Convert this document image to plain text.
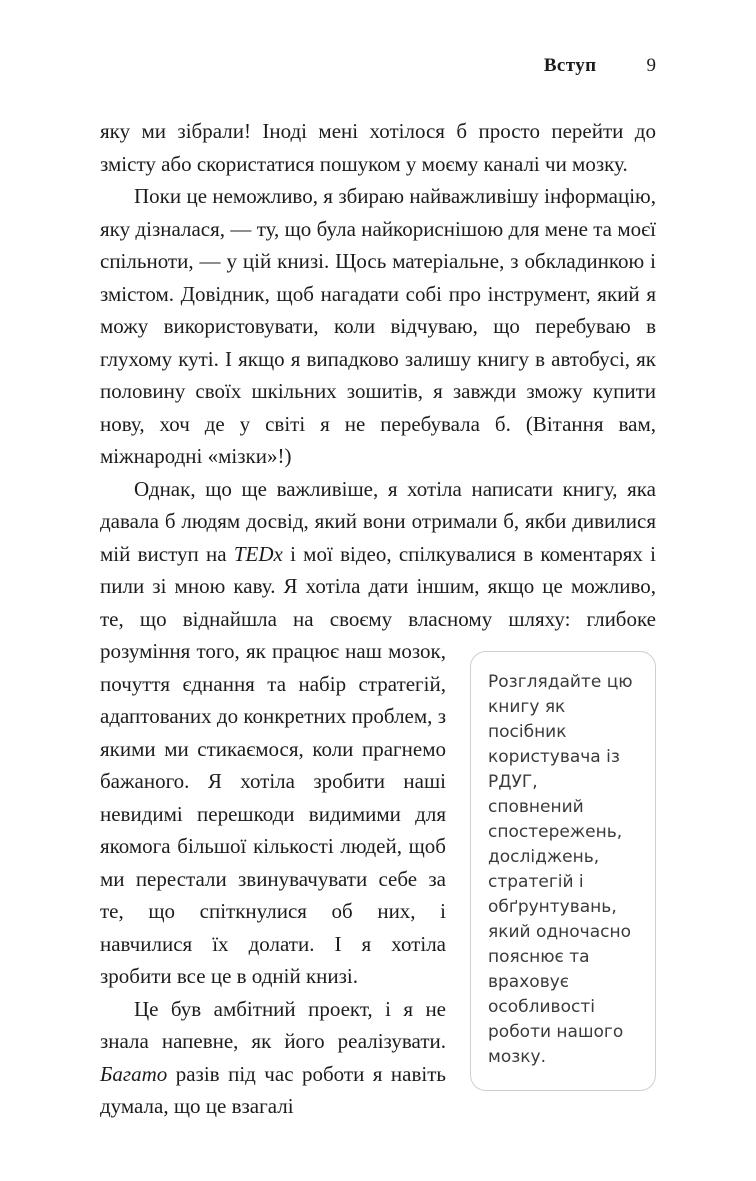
Вступ	9

яку ми зібрали! Іноді мені хотілося б просто перейти до змісту або скористатися пошуком у моєму каналі чи мозку.

Поки це неможливо, я збираю найважливішу інформацію, яку дізналася, — ту, що була найкориснішою для мене та моєї спільноти, — у цій книзі. Щось матеріальне, з обкладинкою і змістом. Довідник, щоб нагадати собі про інструмент, який я можу використовувати, коли відчуваю, що перебуваю в глухому куті. І якщо я випадково залишу книгу в автобусі, як половину своїх шкільних зошитів, я завжди зможу купити нову, хоч де у світі я не перебувала б. (Вітання вам, міжнародні «мізки»!)

Однак, що ще важливіше, я хотіла написати книгу, яка давала б людям досвід, який вони отримали б, якби дивилися мій виступ на TEDx і мої відео, спілкувалися в коментарях і пили зі мною каву. Я хотіла дати іншим, якщо це можливо, те, що віднайшла на своєму власному шляху: глибоке розуміння того, як працює наш мозок,
Розглядайте цю книгу як посібник користувача із РДУГ, сповнений спостережень, досліджень, стратегій і обґрунтувань, який одночасно пояснює та враховує особливості роботи нашого мозку.
почуття єднання та набір стратегій, адаптованих до конкретних проблем, з якими ми стикаємося, коли прагнемо бажаного. Я хотіла зробити наші невидимі перешкоди видимими для якомога більшої кількості людей, щоб ми перестали звинувачувати себе за те, що спіткнулися об них, і навчилися їх долати. І я хотіла зробити все це в одній книзі.

Це був амбітний проект, і я не знала напевне, як його реалізувати. Багато разів під час роботи я навіть думала, що це взагалі
